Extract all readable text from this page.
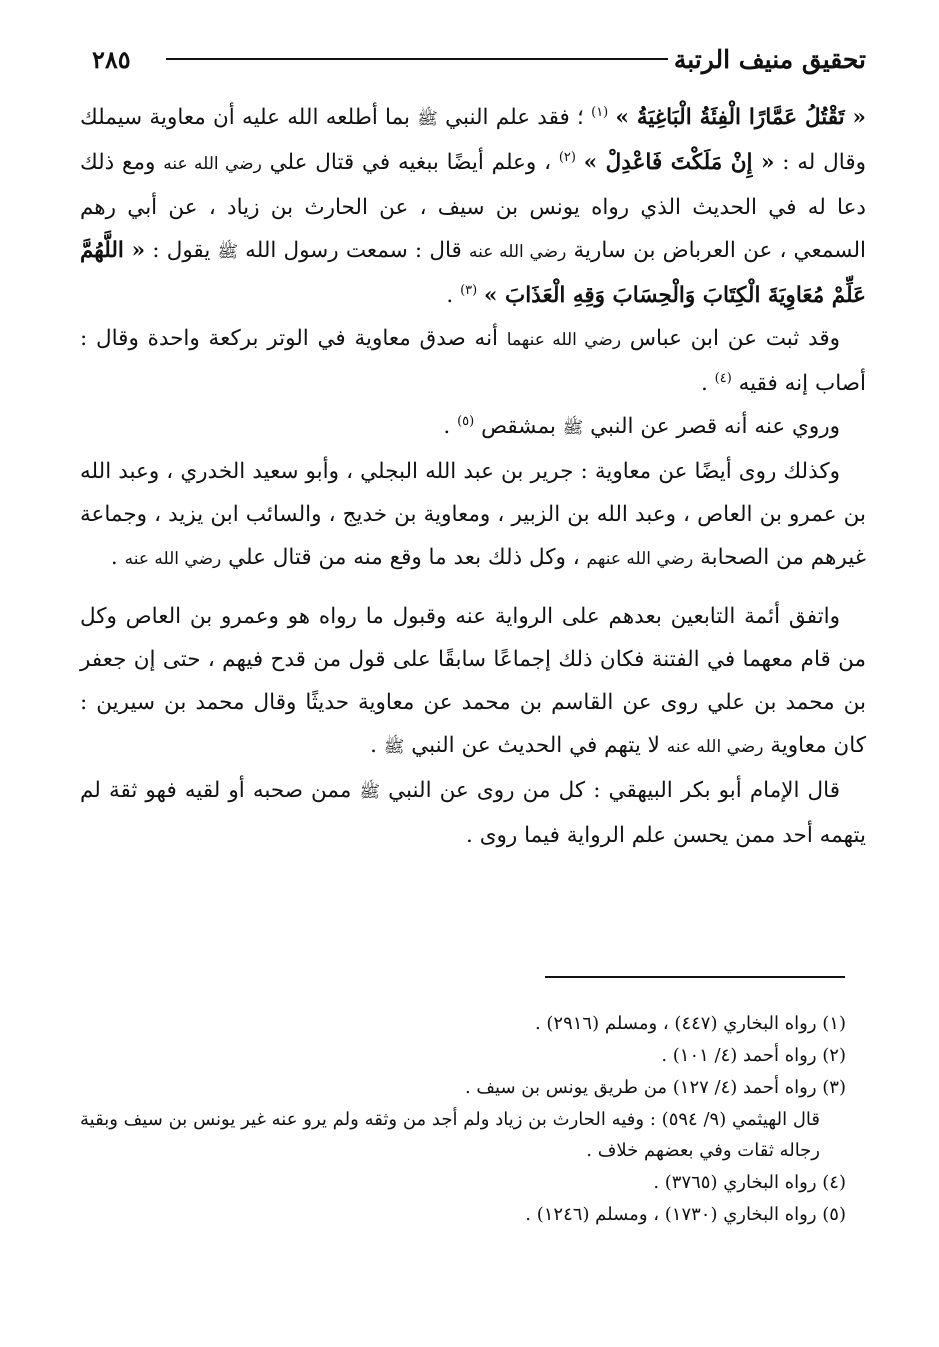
٢٨٥	تحقيق منيف الرتبة

« تَقْتُلُ عَمَّارًا الْفِئَةُ الْبَاغِيَةُ » $^{(١)}$ ؛ فقد علم النبي ﷺ بما أطلعه الله عليه أن معاوية سيملك وقال له : « إِنْ مَلَكْتَ فَاعْدِلْ » $^{(٢)}$ ، وعلم أيضًا ببغيه في قتال علي رضي الله عنه ومع ذلك دعا له في الحديث الذي رواه يونس بن سيف ، عن الحارث بن زياد ، عن أبي رهم السمعي ، عن العرباض بن سارية رضي الله عنه قال : سمعت رسول الله ﷺ يقول : « اللَّهُمَّ عَلِّمْ مُعَاوِيَةَ الْكِتَابَ وَالْحِسَابَ وَقِهِ الْعَذَابَ » $^{(٣)}$ .

وقد ثبت عن ابن عباس رضي الله عنهما أنه صدق معاوية في الوتر بركعة واحدة وقال : أصاب إنه فقيه $^{(٤)}$ .

وروي عنه أنه قصر عن النبي ﷺ بمشقص $^{(٥)}$ .

وكذلك روى أيضًا عن معاوية : جرير بن عبد الله البجلي ، وأبو سعيد الخدري ، وعبد الله بن عمرو بن العاص ، وعبد الله بن الزبير ، ومعاوية بن خديج ، والسائب ابن يزيد ، وجماعة غيرهم من الصحابة رضي الله عنهم ، وكل ذلك بعد ما وقع منه من قتال علي رضي الله عنه .

واتفق أئمة التابعين بعدهم على الرواية عنه وقبول ما رواه هو وعمرو بن العاص وكل من قام معهما في الفتنة فكان ذلك إجماعًا سابقًا على قول من قدح فيهم ، حتى إن جعفر بن محمد بن علي روى عن القاسم بن محمد عن معاوية حديثًا وقال محمد بن سيرين : كان معاوية رضي الله عنه لا يتهم في الحديث عن النبي ﷺ .

قال الإمام أبو بكر البيهقي : كل من روى عن النبي ﷺ ممن صحبه أو لقيه فهو ثقة لم يتهمه أحد ممن يحسن علم الرواية فيما روى .

(١) رواه البخاري (٤٤٧) ، ومسلم (٢٩١٦) .

(٢) رواه أحمد (٤/ ١٠١) .

(٣) رواه أحمد (٤/ ١٢٧) من طريق يونس بن سيف .

قال الهيثمي (٩/ ٥٩٤) : وفيه الحارث بن زياد ولم أجد من وثقه ولم يرو عنه غير يونس بن سيف وبقية رجاله ثقات وفي بعضهم خلاف .

(٤) رواه البخاري (٣٧٦٥) .

(٥) رواه البخاري (١٧٣٠) ، ومسلم (١٢٤٦) .
